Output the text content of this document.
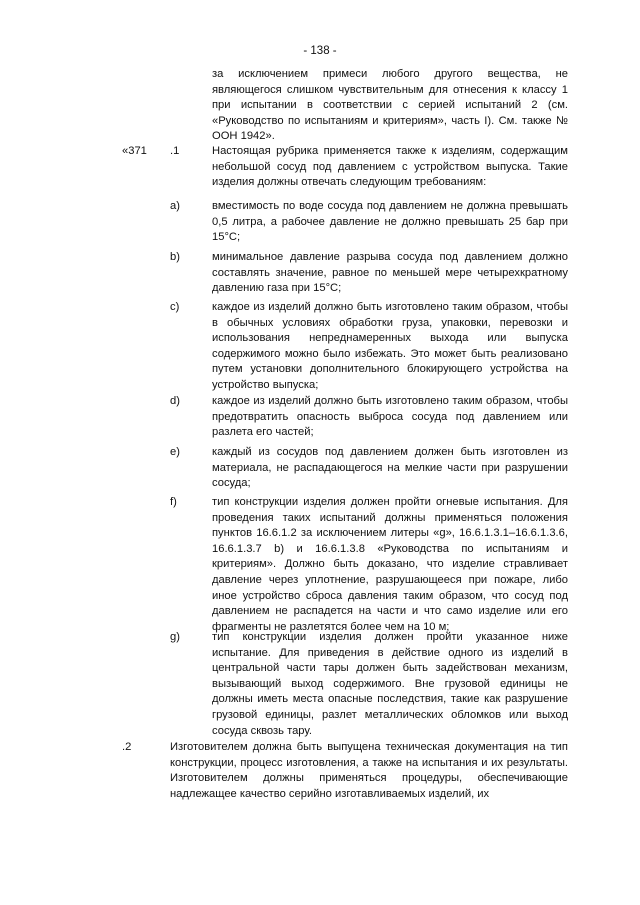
- 138 -
за исключением примеси любого другого вещества, не являющегося слишком чувствительным для отнесения к классу 1 при испытании в соответствии с серией испытаний 2 (см. «Руководство по испытаниям и критериям», часть I). См. также № ООН 1942».
«371 .1	Настоящая рубрика применяется также к изделиям, содержащим небольшой сосуд под давлением с устройством выпуска. Такие изделия должны отвечать следующим требованиям:
a)	вместимость по воде сосуда под давлением не должна превышать 0,5 литра, а рабочее давление не должно превышать 25 бар при 15°C;
b)	минимальное давление разрыва сосуда под давлением должно составлять значение, равное по меньшей мере четырехкратному давлению газа при 15°C;
c)	каждое из изделий должно быть изготовлено таким образом, чтобы в обычных условиях обработки груза, упаковки, перевозки и использования непреднамеренных выхода или выпуска содержимого можно было избежать. Это может быть реализовано путем установки дополнительного блокирующего устройства на устройство выпуска;
d)	каждое из изделий должно быть изготовлено таким образом, чтобы предотвратить опасность выброса сосуда под давлением или разлета его частей;
e)	каждый из сосудов под давлением должен быть изготовлен из материала, не распадающегося на мелкие части при разрушении сосуда;
f)	тип конструкции изделия должен пройти огневые испытания. Для проведения таких испытаний должны применяться положения пунктов 16.6.1.2 за исключением литеры «g», 16.6.1.3.1–16.6.1.3.6, 16.6.1.3.7 b) и 16.6.1.3.8 «Руководства по испытаниям и критериям». Должно быть доказано, что изделие стравливает давление через уплотнение, разрушающееся при пожаре, либо иное устройство сброса давления таким образом, что сосуд под давлением не распадется на части и что само изделие или его фрагменты не разлетятся более чем на 10 м;
g)	тип конструкции изделия должен пройти указанное ниже испытание. Для приведения в действие одного из изделий в центральной части тары должен быть задействован механизм, вызывающий выход содержимого. Вне грузовой единицы не должны иметь места опасные последствия, такие как разрушение грузовой единицы, разлет металлических обломков или выход сосуда сквозь тару.
.2	Изготовителем должна быть выпущена техническая документация на тип конструкции, процесс изготовления, а также на испытания и их результаты. Изготовителем должны применяться процедуры, обеспечивающие надлежащее качество серийно изготавливаемых изделий, их
